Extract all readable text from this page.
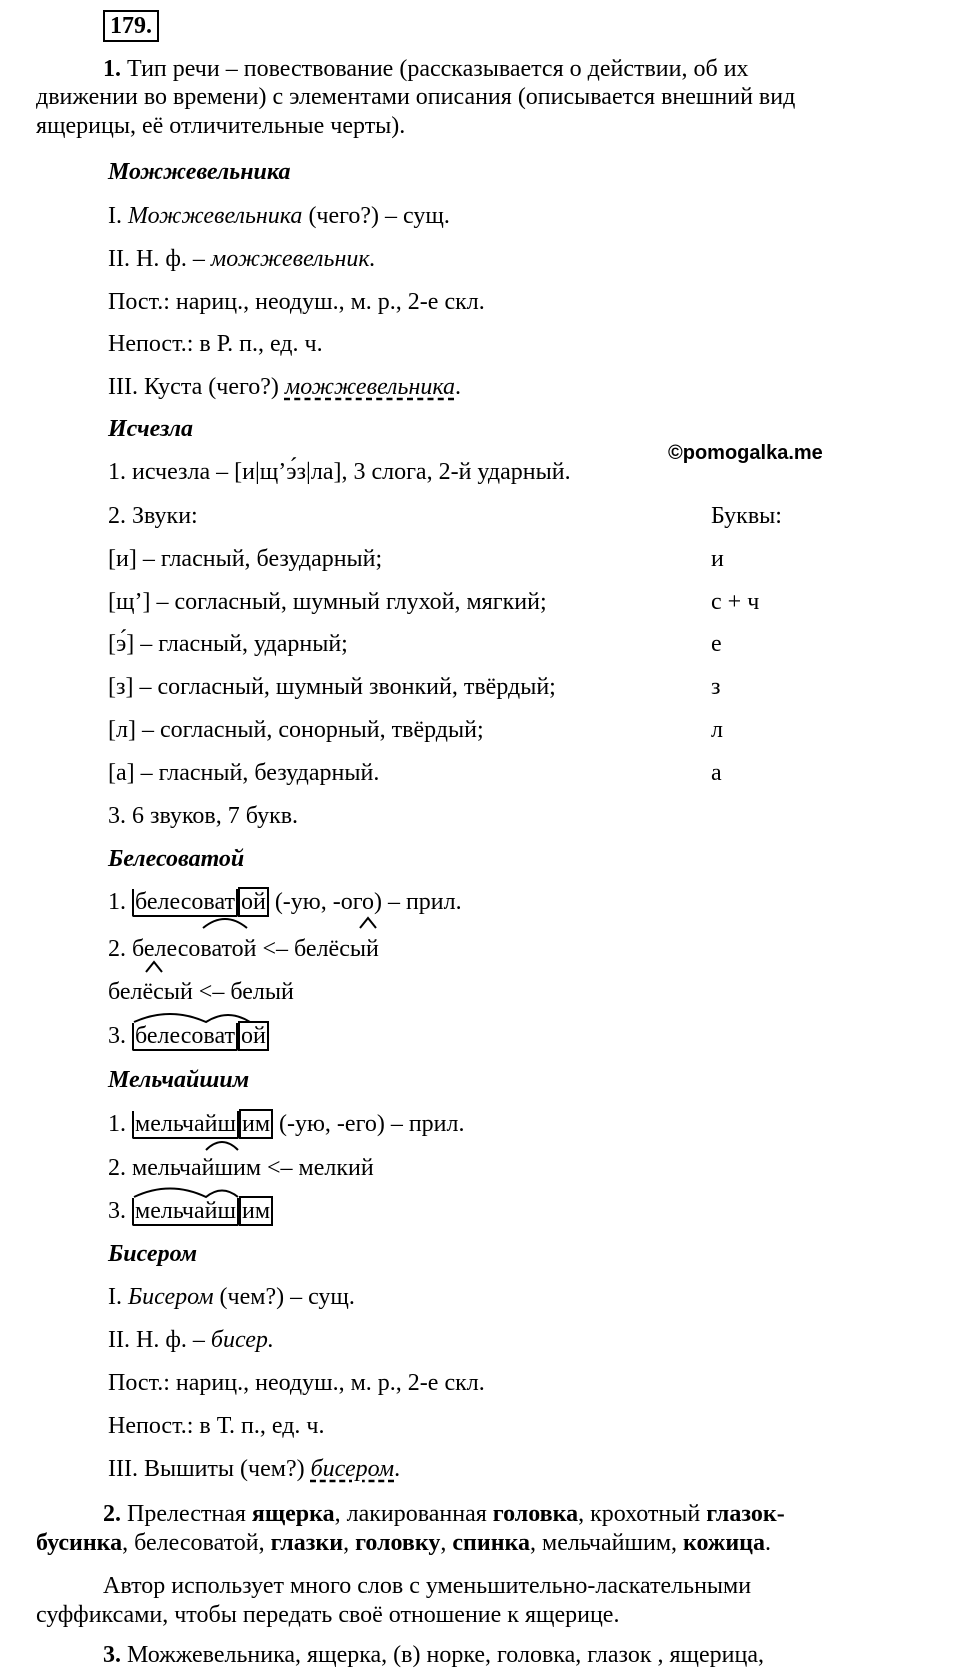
179.
1. Тип речи – повествование (рассказывается о действии, об их
движении во времени) с элементами описания (описывается внешний вид
ящерицы, её отличительные черты).
Можжевельника
I. Можжевельника (чего?) – сущ.
II. Н. ф. – можжевельник.
Пост.: нариц., неодуш., м. р., 2-е скл.
Непост.: в Р. п., ед. ч.
III. Куста (чего?) можжевельника.
Исчезла
1. исчезла – [и|щ’э́з|ла], 3 слога, 2-й ударный.
©pomogalka.me
2. Звуки:	Буквы:
[и] – гласный, безударный;	и
[щ’] – согласный, шумный глухой, мягкий;	с + ч
[э́] – гласный, ударный;	е
[з] – согласный, шумный звонкий, твёрдый;	з
[л] – согласный, сонорный, твёрдый;	л
[а] – гласный, безударный.	а
3. 6 звуков, 7 букв.
Белесоватой
1. белесоват ой (-ую, -ого) – прил.
2. белесоватой <– белёсый
белёсый <– белый
3. белесоват ой
Мельчайшим
1. мельчайш им (-ую, -его) – прил.
2. мельчайшим <– мелкий
3. мельчайш им
Бисером
I. Бисером (чем?) – сущ.
II. Н. ф. – бисер.
Пост.: нариц., неодуш., м. р., 2-е скл.
Непост.: в Т. п., ед. ч.
III. Вышиты (чем?) бисером.
2. Прелестная ящерка, лакированная головка, крохотный глазок-
бусинка, белесоватой, глазки, головку, спинка, мельчайшим, кожица.
Автор использует много слов с уменьшительно-ласкательными
суффиксами, чтобы передать своё отношение к ящерице.
3. Можжевельника, ящерка, (в) норке, головка, глазок , ящерица,
